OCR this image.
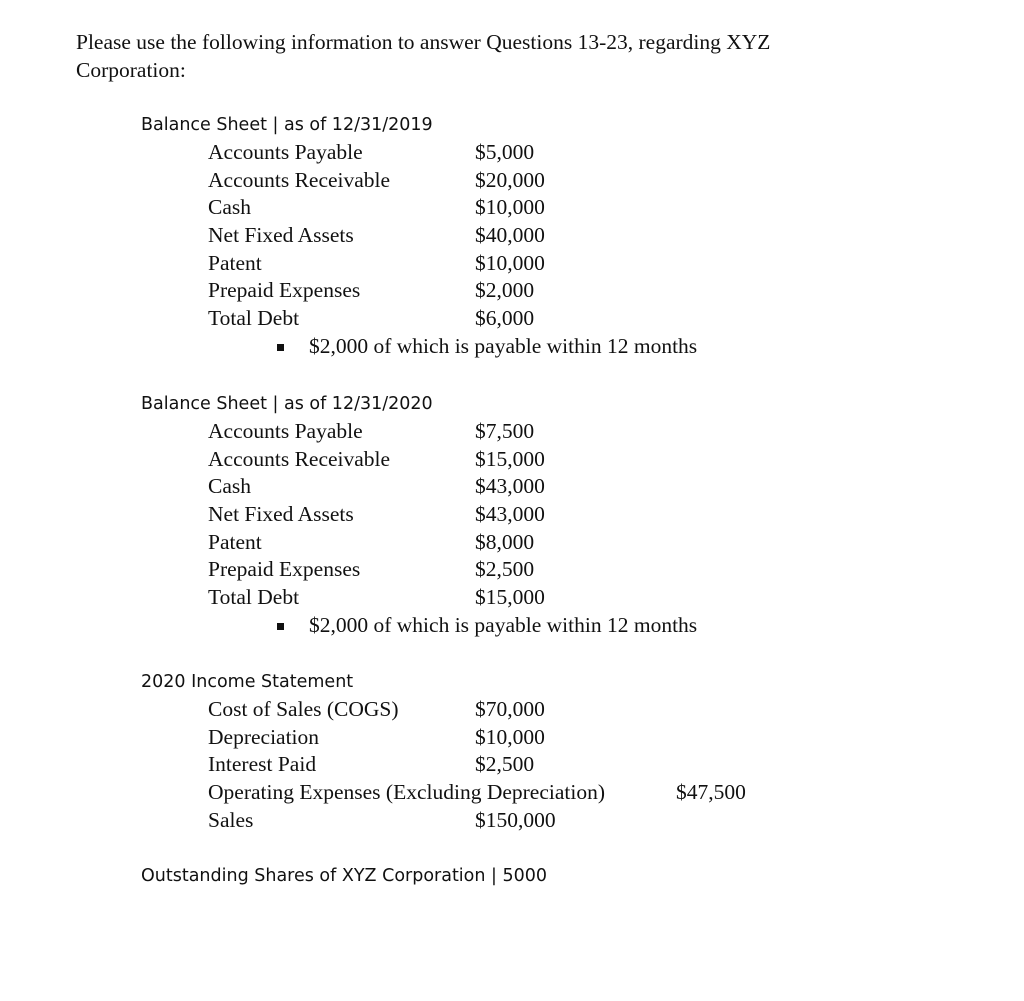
Please use the following information to answer Questions 13-23, regarding XYZ
Corporation:
Balance Sheet | as of 12/31/2019
Accounts Payable	$5,000
Accounts Receivable	$20,000
Cash	$10,000
Net Fixed Assets	$40,000
Patent	$10,000
Prepaid Expenses	$2,000
Total Debt	$6,000
$2,000 of which is payable within 12 months
Balance Sheet | as of 12/31/2020
Accounts Payable	$7,500
Accounts Receivable	$15,000
Cash	$43,000
Net Fixed Assets	$43,000
Patent	$8,000
Prepaid Expenses	$2,500
Total Debt	$15,000
$2,000 of which is payable within 12 months
2020 Income Statement
Cost of Sales (COGS)	$70,000
Depreciation	$10,000
Interest Paid	$2,500
Operating Expenses (Excluding Depreciation)	$47,500
Sales	$150,000
Outstanding Shares of XYZ Corporation | 5000
